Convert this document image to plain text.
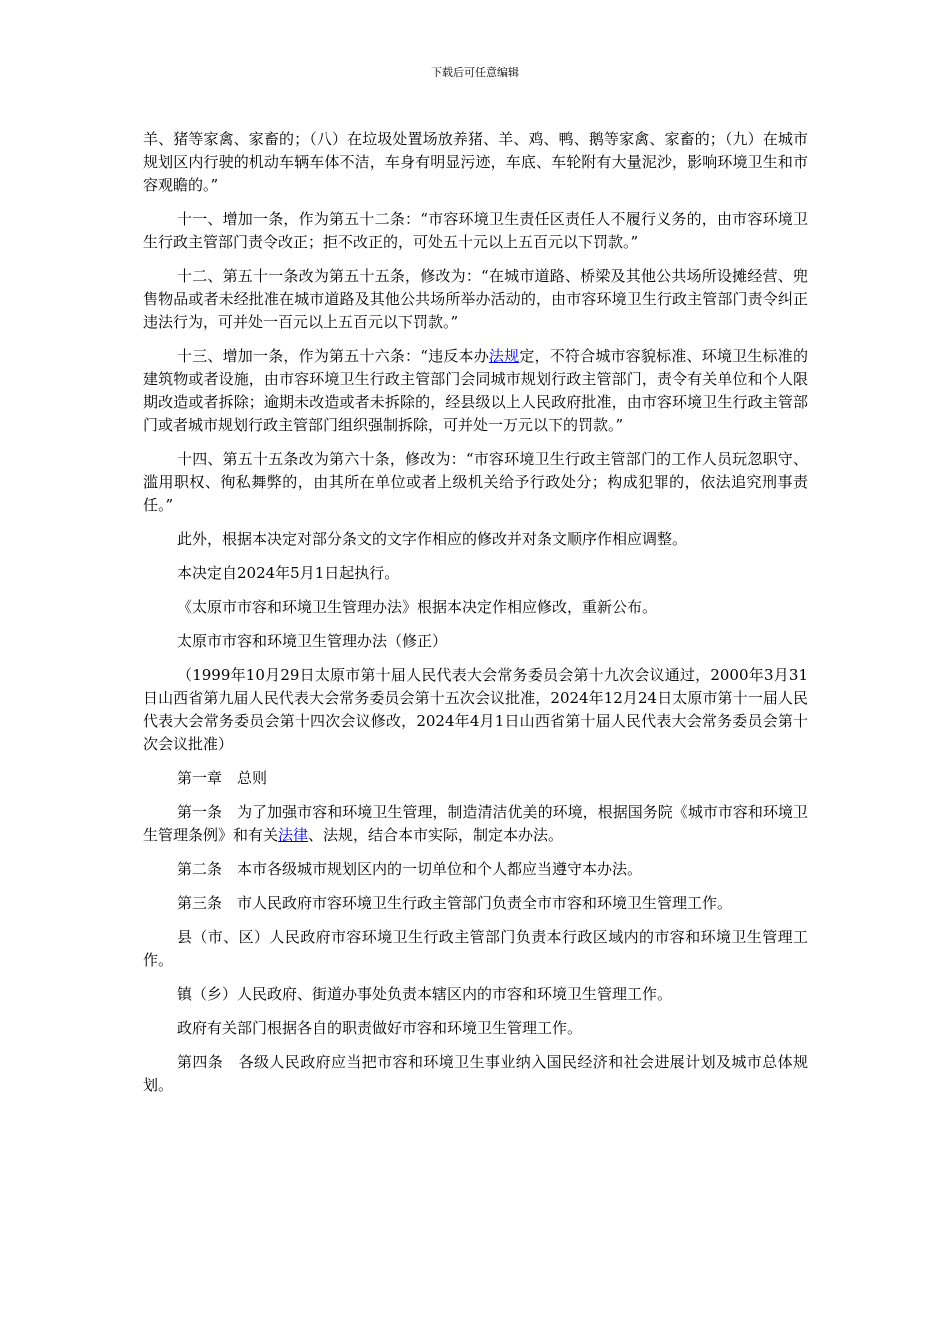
下载后可任意编辑

羊、猪等家禽、家畜的；（八）在垃圾处置场放养猪、羊、鸡、鸭、鹅等家禽、家畜的；（九）在城市规划区内行驶的机动车辆车体不洁，车身有明显污迹，车底、车轮附有大量泥沙，影响环境卫生和市容观瞻的。”

十一、增加一条，作为第五十二条：“市容环境卫生责任区责任人不履行义务的，由市容环境卫生行政主管部门责令改正；拒不改正的，可处五十元以上五百元以下罚款。”

十二、第五十一条改为第五十五条，修改为：“在城市道路、桥梁及其他公共场所设摊经营、兜售物品或者未经批准在城市道路及其他公共场所举办活动的，由市容环境卫生行政主管部门责令纠正违法行为，可并处一百元以上五百元以下罚款。”

十三、增加一条，作为第五十六条：“违反本办法规定，不符合城市容貌标准、环境卫生标准的建筑物或者设施，由市容环境卫生行政主管部门会同城市规划行政主管部门，责令有关单位和个人限期改造或者拆除；逾期未改造或者未拆除的，经县级以上人民政府批准，由市容环境卫生行政主管部门或者城市规划行政主管部门组织强制拆除，可并处一万元以下的罚款。”

十四、第五十五条改为第六十条，修改为：“市容环境卫生行政主管部门的工作人员玩忽职守、滥用职权、徇私舞弊的，由其所在单位或者上级机关给予行政处分；构成犯罪的，依法追究刑事责任。”

此外，根据本决定对部分条文的文字作相应的修改并对条文顺序作相应调整。

本决定自2024年5月1日起执行。

《太原市市容和环境卫生管理办法》根据本决定作相应修改，重新公布。

太原市市容和环境卫生管理办法（修正）

（1999年10月29日太原市第十届人民代表大会常务委员会第十九次会议通过，2000年3月31日山西省第九届人民代表大会常务委员会第十五次会议批准，2024年12月24日太原市第十一届人民代表大会常务委员会第十四次会议修改，2024年4月1日山西省第十届人民代表大会常务委员会第十次会议批准）

第一章　总则

第一条　为了加强市容和环境卫生管理，制造清洁优美的环境，根据国务院《城市市容和环境卫生管理条例》和有关法律、法规，结合本市实际，制定本办法。

第二条　本市各级城市规划区内的一切单位和个人都应当遵守本办法。

第三条　市人民政府市容环境卫生行政主管部门负责全市市容和环境卫生管理工作。

县（市、区）人民政府市容环境卫生行政主管部门负责本行政区域内的市容和环境卫生管理工作。

镇（乡）人民政府、街道办事处负责本辖区内的市容和环境卫生管理工作。

政府有关部门根据各自的职责做好市容和环境卫生管理工作。

第四条　各级人民政府应当把市容和环境卫生事业纳入国民经济和社会进展计划及城市总体规划。
